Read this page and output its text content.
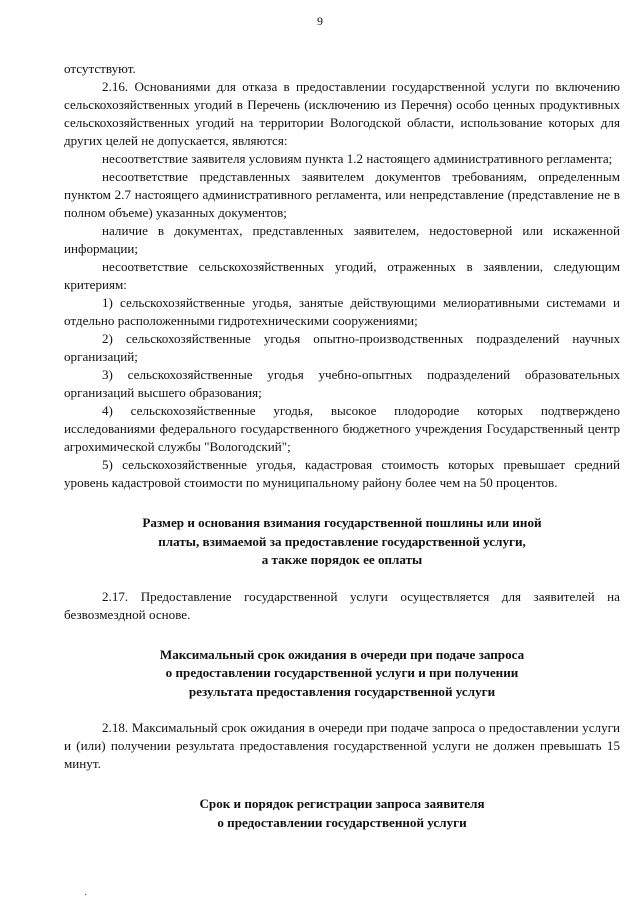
9

отсутствуют.

2.16. Основаниями для отказа в предоставлении государственной услуги по включению сельскохозяйственных угодий в Перечень (исключению из Перечня) особо ценных продуктивных сельскохозяйственных угодий на территории Вологодской области, использование которых для других целей не допускается, являются:

несоответствие заявителя условиям пункта 1.2 настоящего административного регламента;

несоответствие представленных заявителем документов требованиям, определенным пунктом 2.7 настоящего административного регламента, или непредставление (представление не в полном объеме) указанных документов;

наличие в документах, представленных заявителем, недостоверной или искаженной информации;

несоответствие сельскохозяйственных угодий, отраженных в заявлении, следующим критериям:

1) сельскохозяйственные угодья, занятые действующими мелиоративными системами и отдельно расположенными гидротехническими сооружениями;

2) сельскохозяйственные угодья опытно-производственных подразделений научных организаций;

3) сельскохозяйственные угодья учебно-опытных подразделений образовательных организаций высшего образования;

4) сельскохозяйственные угодья, высокое плодородие которых подтверждено исследованиями федерального государственного бюджетного учреждения Государственный центр агрохимической службы "Вологодский";

5) сельскохозяйственные угодья, кадастровая стоимость которых превышает средний уровень кадастровой стоимости по муниципальному району более чем на 50 процентов.

Размер и основания взимания государственной пошлины или иной
платы, взимаемой за предоставление государственной услуги,
а также порядок ее оплаты

2.17. Предоставление государственной услуги осуществляется для заявителей на безвозмездной основе.

Максимальный срок ожидания в очереди при подаче запроса
о предоставлении государственной услуги и при получении
результата предоставления государственной услуги

2.18. Максимальный срок ожидания в очереди при подаче запроса о предоставлении услуги и (или) получении результата предоставления государственной услуги не должен превышать 15 минут.

Срок и порядок регистрации запроса заявителя
о предоставлении государственной услуги
·
